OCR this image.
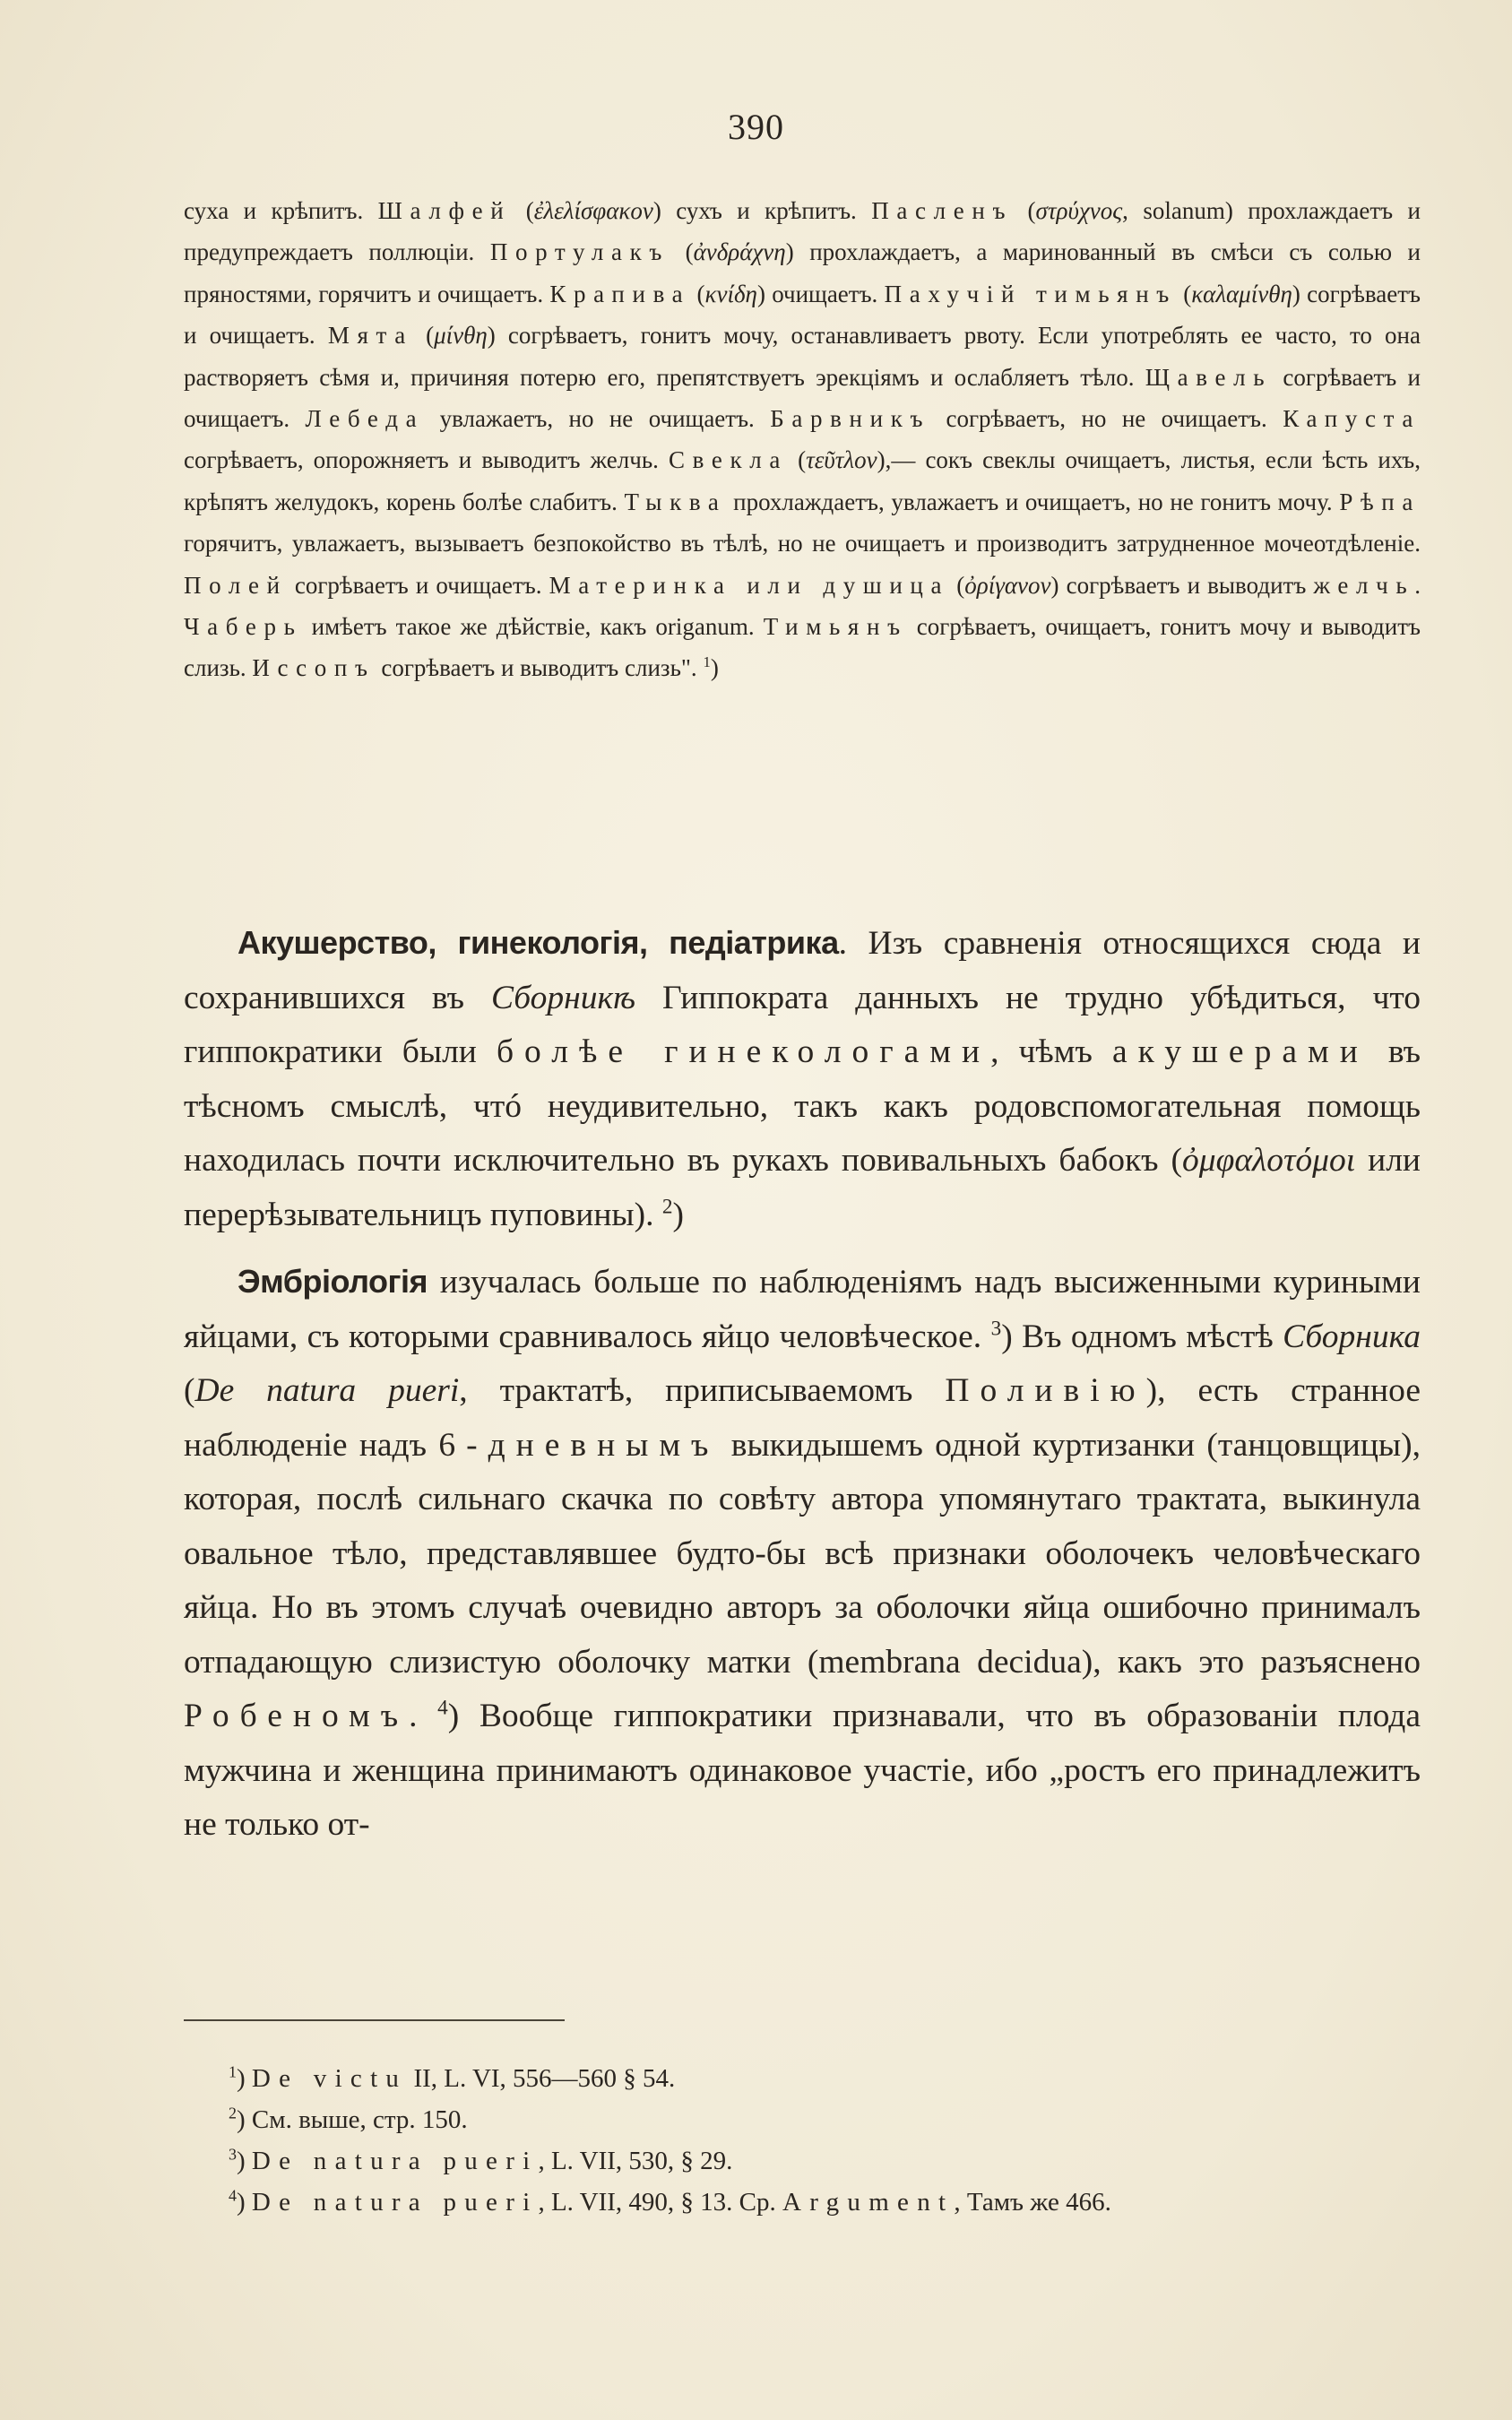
390

суха и крѣпитъ. Шалфей (ἐλελίσφακον) сухъ и крѣпитъ. Пасленъ (στρύχνος, solanum) прохлаждаетъ и предупреждаетъ поллюціи. Портулакъ (ἀνδράχνη) прохлаждаетъ, а маринованный въ смѣси съ солью и пряностями, горячитъ и очищаетъ. Крапива (κνίδη) очищаетъ. Пахучій тимьянъ (καλαμίνθη) согрѣваетъ и очищаетъ. Мята (μίνθη) согрѣваетъ, гонитъ мочу, останавливаетъ рвоту. Если употреблять ее часто, то она растворяетъ сѣмя и, причиняя потерю его, препятствуетъ эрекціямъ и ослабляетъ тѣло. Щавель согрѣваетъ и очищаетъ. Лебеда увлажаетъ, но не очищаетъ. Барвникъ согрѣваетъ, но не очищаетъ. Капуста согрѣваетъ, опорожняетъ и выводитъ желчь. Свекла (τεῦτλον),— сокъ свеклы очищаетъ, листья, если ѣсть ихъ, крѣпятъ желудокъ, корень болѣе слабитъ. Тыква прохлаждаетъ, увлажаетъ и очищаетъ, но не гонитъ мочу. Рѣпа горячитъ, увлажаетъ, вызываетъ безпокойство въ тѣлѣ, но не очищаетъ и производитъ затрудненное мочеотдѣленіе. Полей согрѣваетъ и очищаетъ. Материнка или душица (ὀρίγανον) согрѣваетъ и выводитъ желчь. Чаберь имѣетъ такое же дѣйствіе, какъ origanum. Тимьянъ согрѣваетъ, очищаетъ, гонитъ мочу и выводитъ слизь. Иссопъ согрѣваетъ и выводитъ слизь". $^1$)

Акушерство, гинекологія, педіатрика. Изъ сравненія относящихся сюда и сохранившихся въ Сборникѣ Гиппократа данныхъ не трудно убѣдиться, что гиппократики были болѣе гинекологами, чѣмъ акушерами въ тѣсномъ смыслѣ, чтó неудивительно, такъ какъ родовспомогательная помощь находилась почти исключительно въ рукахъ повивальныхъ бабокъ (ὀμφαλοτόμοι или перерѣзывательницъ пуповины). $^2$)

Эмбріологія изучалась больше по наблюденіямъ надъ высиженными куриными яйцами, съ которыми сравнивалось яйцо человѣческое. $^3$) Въ одномъ мѣстѣ Сборника (De natura pueri, трактатѣ, приписываемомъ Поливію), есть странное наблюденіе надъ 6-дневнымъ выкидышемъ одной куртизанки (танцовщицы), которая, послѣ сильнаго скачка по совѣту автора упомянутаго трактата, выкинула овальное тѣло, представлявшее будто-бы всѣ признаки оболочекъ человѣческаго яйца. Но въ этомъ случаѣ очевидно авторъ за оболочки яйца ошибочно принималъ отпадающую слизистую оболочку матки (membrana decidua), какъ это разъяснено Робеномъ. $^4$) Вообще гиппократики признавали, что въ образованіи плода мужчина и женщина принимаютъ одинаковое участіе, ибо „ростъ его принадлежитъ не только от-

$^1$) De victu II, L. VI, 556—560 § 54.

$^2$) См. выше, стр. 150.

$^3$) De natura pueri, L. VII, 530, § 29.

$^4$) De natura pueri, L. VII, 490, § 13. Ср. Argument, Тамъ же 466.
